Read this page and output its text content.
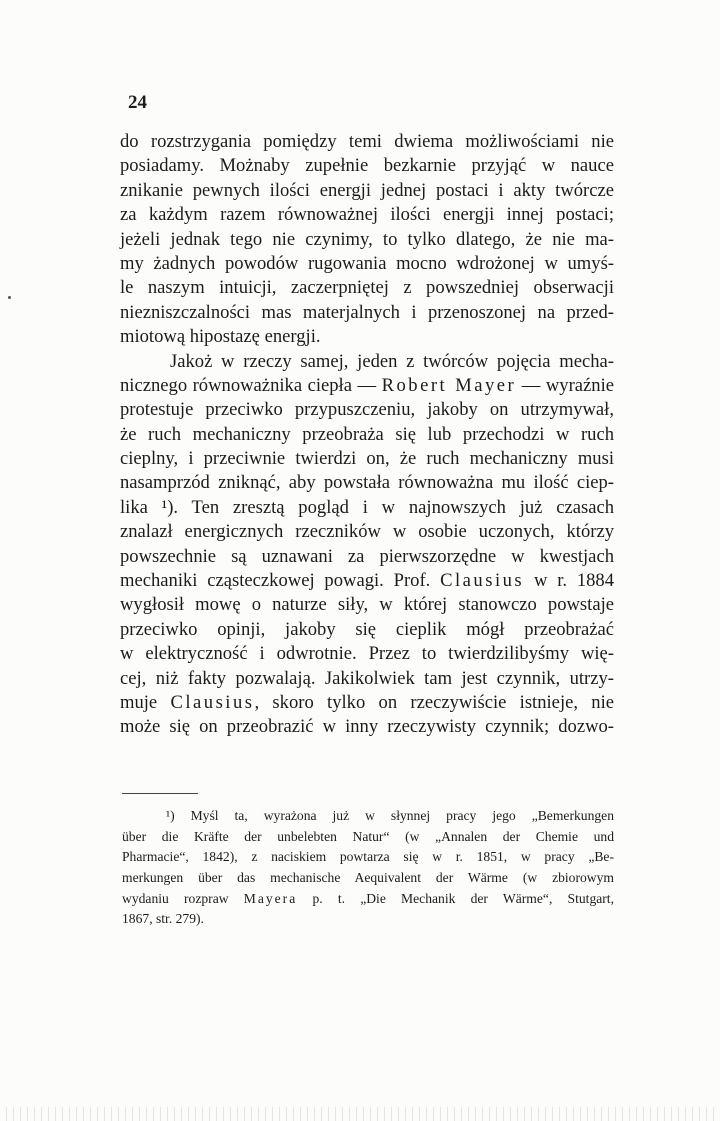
24
do rozstrzygania pomiędzy temi dwiema możliwościami nie
posiadamy. Możnaby zupełnie bezkarnie przyjąć w nauce
znikanie pewnych ilości energji jednej postaci i akty twórcze
za każdym razem równoważnej ilości energji innej postaci;
jeżeli jednak tego nie czynimy, to tylko dlatego, że nie ma-
my żadnych powodów rugowania mocno wdrożonej w umyś-
le naszym intuicji, zaczerpniętej z powszedniej obserwacji
niezniszczalności mas materjalnych i przenoszonej na przed-
miotową hipostazę energji.
Jakoż w rzeczy samej, jeden z twórców pojęcia mecha-
nicznego równoważnika ciepła — Robert Mayer — wyraźnie
protestuje przeciwko przypuszczeniu, jakoby on utrzymywał,
że ruch mechaniczny przeobraża się lub przechodzi w ruch
cieplny, i przeciwnie twierdzi on, że ruch mechaniczny musi
nasamprzód zniknąć, aby powstała równoważna mu ilość ciep-
lika ¹). Ten zresztą pogląd i w najnowszych już czasach
znalazł energicznych rzeczników w osobie uczonych, którzy
powszechnie są uznawani za pierwszorzędne w kwestjach
mechaniki cząsteczkowej powagi. Prof. Clausius w r. 1884
wygłosił mowę o naturze siły, w której stanowczo powstaje
przeciwko opinji, jakoby się cieplik mógł przeobrażać
w elektryczność i odwrotnie. Przez to twierdzilibyśmy wię-
cej, niż fakty pozwalają. Jakikolwiek tam jest czynnik, utrzy-
muje Clausius, skoro tylko on rzeczywiście istnieje, nie
może się on przeobrazić w inny rzeczywisty czynnik; dozwo-
¹) Myśl ta, wyrażona już w słynnej pracy jego „Bemerkungen
über die Kräfte der unbelebten Natur“ (w „Annalen der Chemie und
Pharmacie“, 1842), z naciskiem powtarza się w r. 1851, w pracy „Be-
merkungen über das mechanische Aequivalent der Wärme (w zbiorowym
wydaniu rozpraw Mayera p. t. „Die Mechanik der Wärme“, Stutgart,
1867, str. 279).
